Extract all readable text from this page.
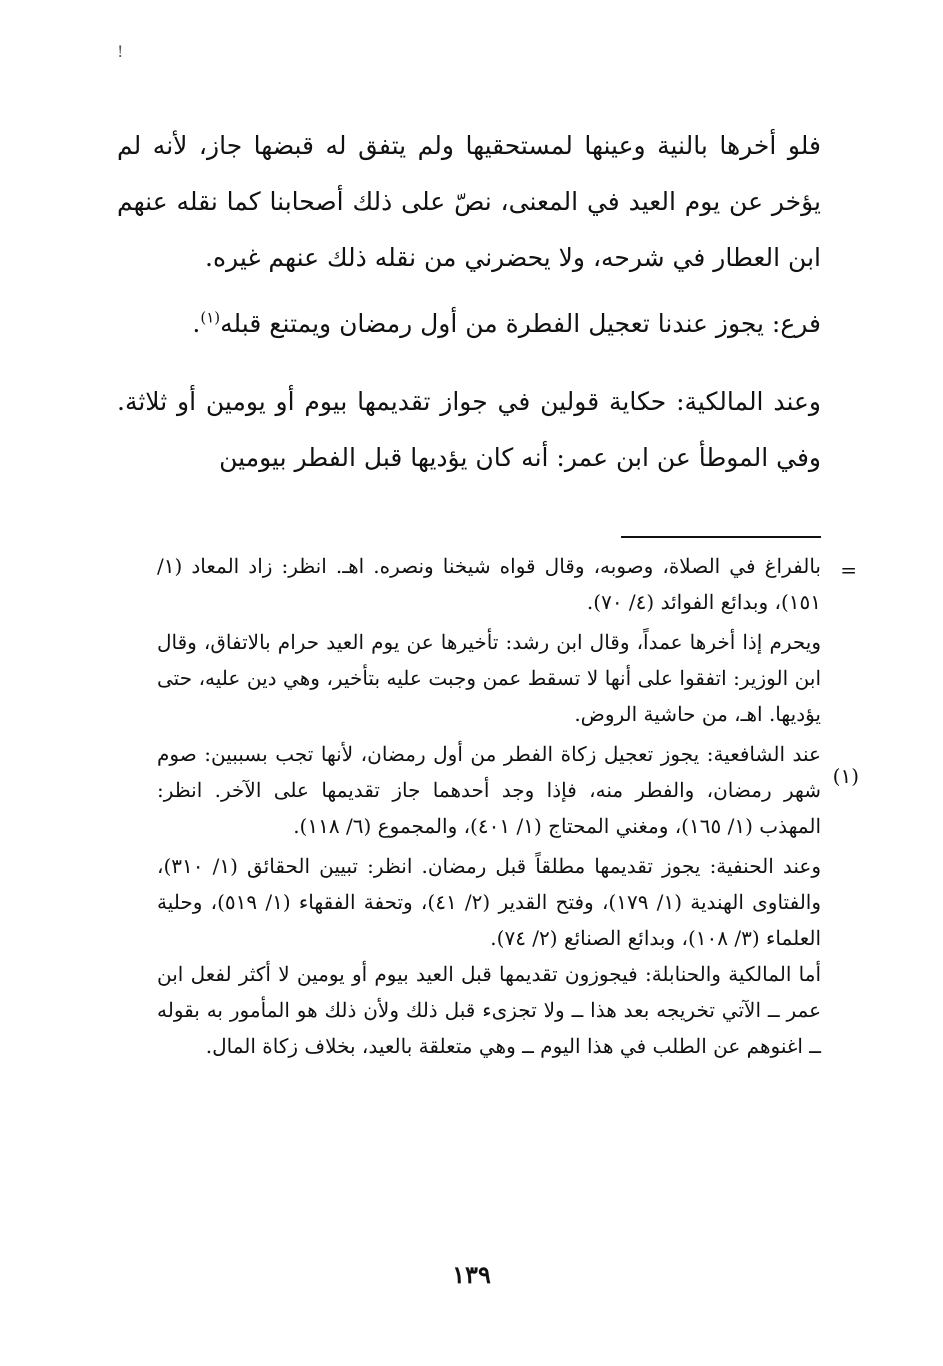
!

فلو أخرها بالنية وعينها لمستحقيها ولم يتفق له قبضها جاز، لأنه لم يؤخر عن يوم العيد في المعنى، نصّ على ذلك أصحابنا كما نقله عنهم ابن العطار في شرحه، ولا يحضرني من نقله ذلك عنهم غيره.

فرع: يجوز عندنا تعجيل الفطرة من أول رمضان ويمتنع قبله$^{(١)}$.

وعند المالكية: حكاية قولين في جواز تقديمها بيوم أو يومين أو ثلاثة. وفي الموطأ عن ابن عمر: أنه كان يؤديها قبل الفطر بيومين

=
(١)

بالفراغ في الصلاة، وصوبه، وقال قواه شيخنا ونصره. اهـ. انظر: زاد المعاد (١/ ١٥١)، وبدائع الفوائد (٤/ ٧٠).

ويحرم إذا أخرها عمداً، وقال ابن رشد: تأخيرها عن يوم العيد حرام بالاتفاق، وقال ابن الوزير: اتفقوا على أنها لا تسقط عمن وجبت عليه بتأخير، وهي دين عليه، حتى يؤديها. اهـ، من حاشية الروض.

عند الشافعية: يجوز تعجيل زكاة الفطر من أول رمضان، لأنها تجب بسببين: صوم شهر رمضان، والفطر منه، فإذا وجد أحدهما جاز تقديمها على الآخر. انظر: المهذب (١/ ١٦٥)، ومغني المحتاج (١/ ٤٠١)، والمجموع (٦/ ١١٨).

وعند الحنفية: يجوز تقديمها مطلقاً قبل رمضان. انظر: تبيين الحقائق (١/ ٣١٠)، والفتاوى الهندية (١/ ١٧٩)، وفتح القدير (٢/ ٤١)، وتحفة الفقهاء (١/ ٥١٩)، وحلية العلماء (٣/ ١٠٨)، وبدائع الصنائع (٢/ ٧٤).

أما المالكية والحنابلة: فيجوزون تقديمها قبل العيد بيوم أو يومين لا أكثر لفعل ابن عمر ــ الآتي تخريجه بعد هذا ــ ولا تجزىء قبل ذلك ولأن ذلك هو المأمور به بقوله ــ اغنوهم عن الطلب في هذا اليوم ــ وهي متعلقة بالعيد، بخلاف زكاة المال.

١٣٩
